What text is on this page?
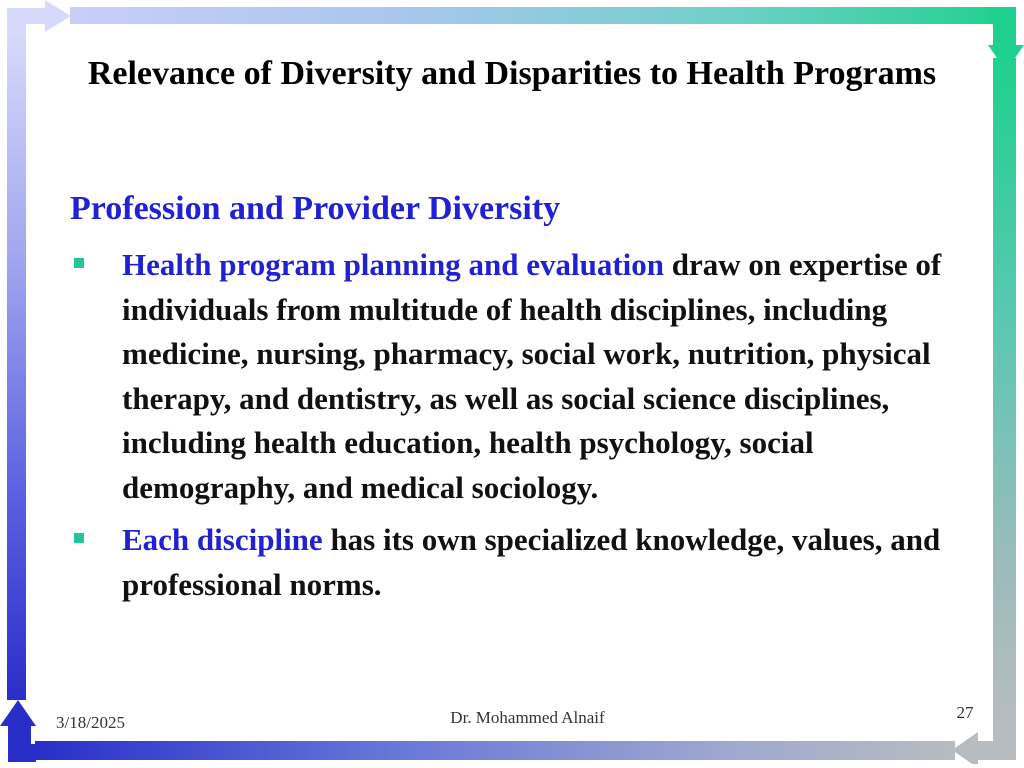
Relevance of Diversity and Disparities to Health Programs
Profession and Provider Diversity
Health program planning and evaluation draw on expertise of individuals from multitude of health disciplines, including medicine, nursing, pharmacy, social work, nutrition, physical therapy, and dentistry, as well as social science disciplines, including health education, health psychology, social demography, and medical sociology.
Each discipline has its own specialized knowledge, values, and professional norms.
3/18/2025	Dr. Mohammed Alnaif	27
